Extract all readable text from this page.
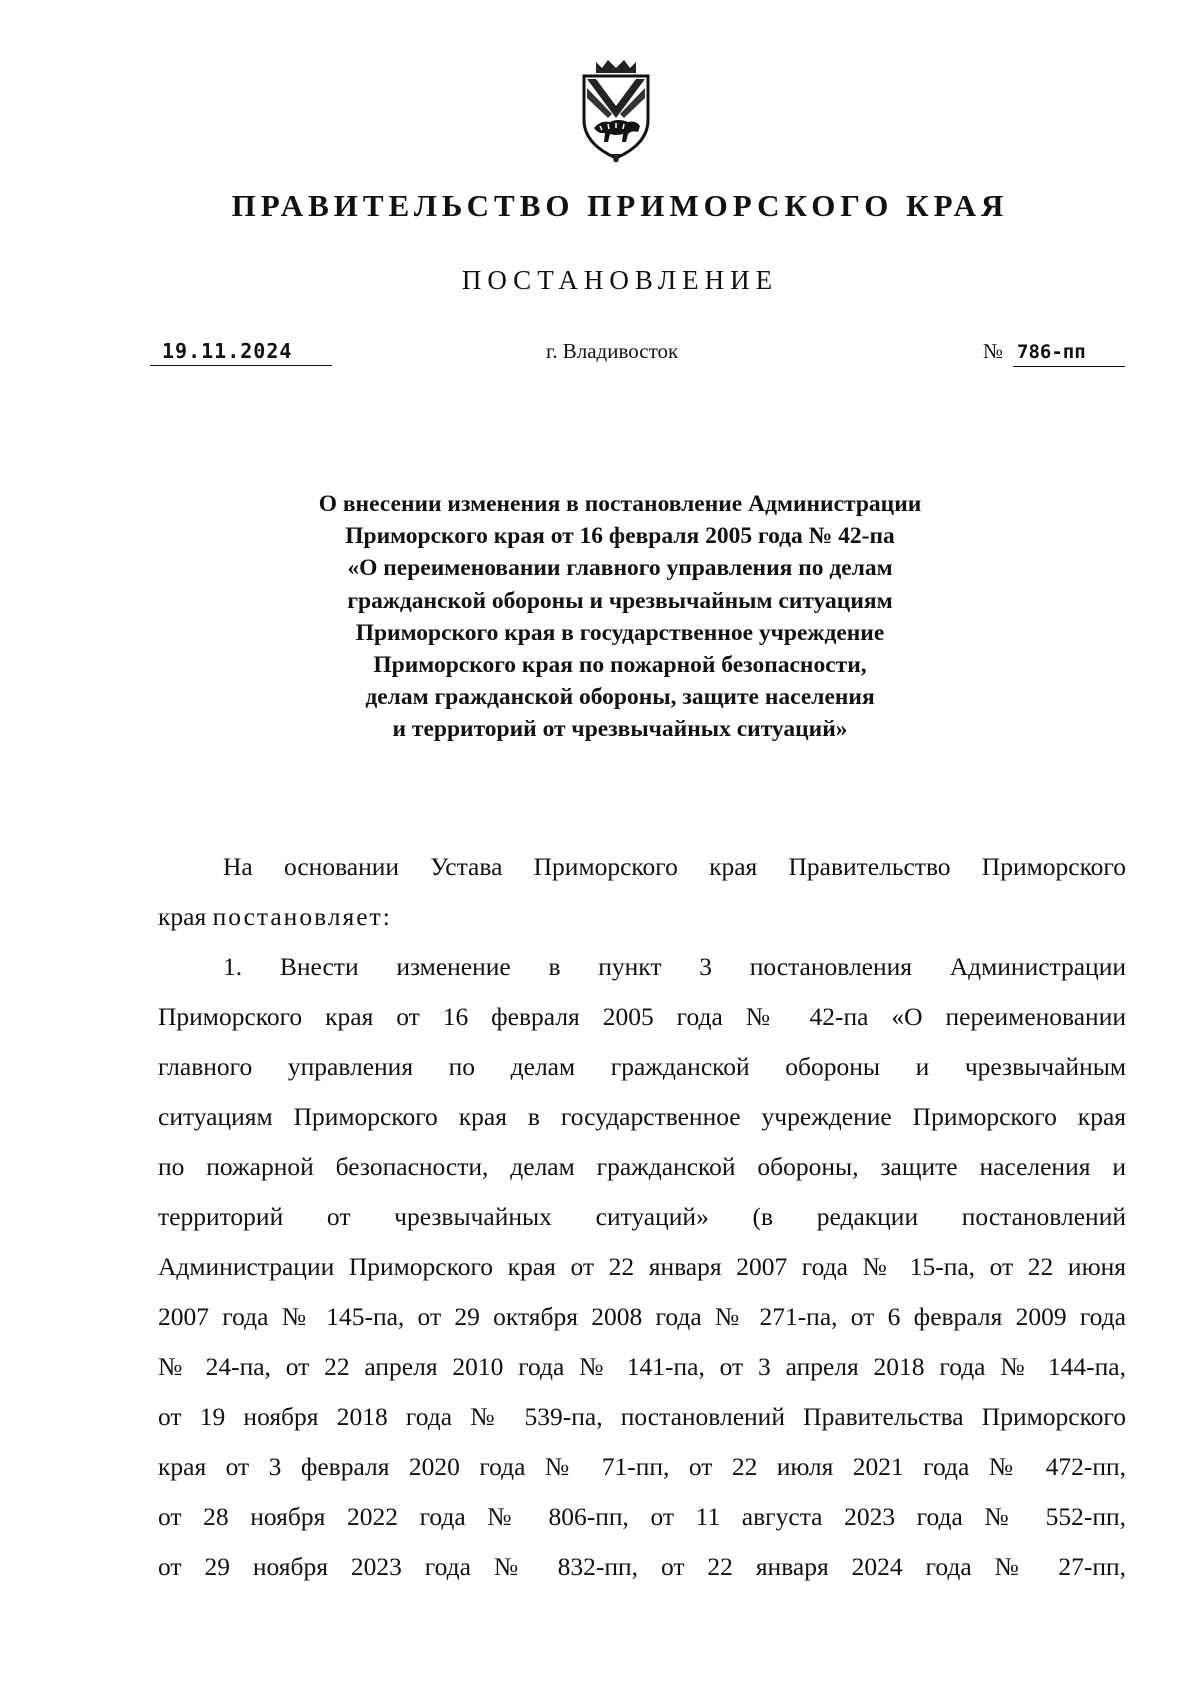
ПРАВИТЕЛЬСТВО ПРИМОРСКОГО КРАЯ
ПОСТАНОВЛЕНИЕ
19.11.2024	г. Владивосток	№ 786-пп
О внесении изменения в постановление Администрации
Приморского края от 16 февраля 2005 года № 42-па
«О переименовании главного управления по делам
гражданской обороны и чрезвычайным ситуациям
Приморского края в государственное учреждение
Приморского края по пожарной безопасности,
делам гражданской обороны, защите населения
и территорий от чрезвычайных ситуаций»
На основании Устава Приморского края Правительство Приморского
края постановляет:
1. Внести изменение в пункт 3 постановления Администрации
Приморского края от 16 февраля 2005 года № 42-па «О переименовании
главного управления по делам гражданской обороны и чрезвычайным
ситуациям Приморского края в государственное учреждение Приморского края
по пожарной безопасности, делам гражданской обороны, защите населения и
территорий от чрезвычайных ситуаций» (в редакции постановлений
Администрации Приморского края от 22 января 2007 года № 15-па, от 22 июня
2007 года № 145-па, от 29 октября 2008 года № 271-па, от 6 февраля 2009 года
№ 24-па, от 22 апреля 2010 года № 141-па, от 3 апреля 2018 года № 144-па,
от 19 ноября 2018 года № 539-па, постановлений Правительства Приморского
края от 3 февраля 2020 года № 71-пп, от 22 июля 2021 года № 472-пп,
от 28 ноября 2022 года № 806-пп, от 11 августа 2023 года № 552-пп,
от 29 ноября 2023 года № 832-пп, от 22 января 2024 года № 27-пп,
